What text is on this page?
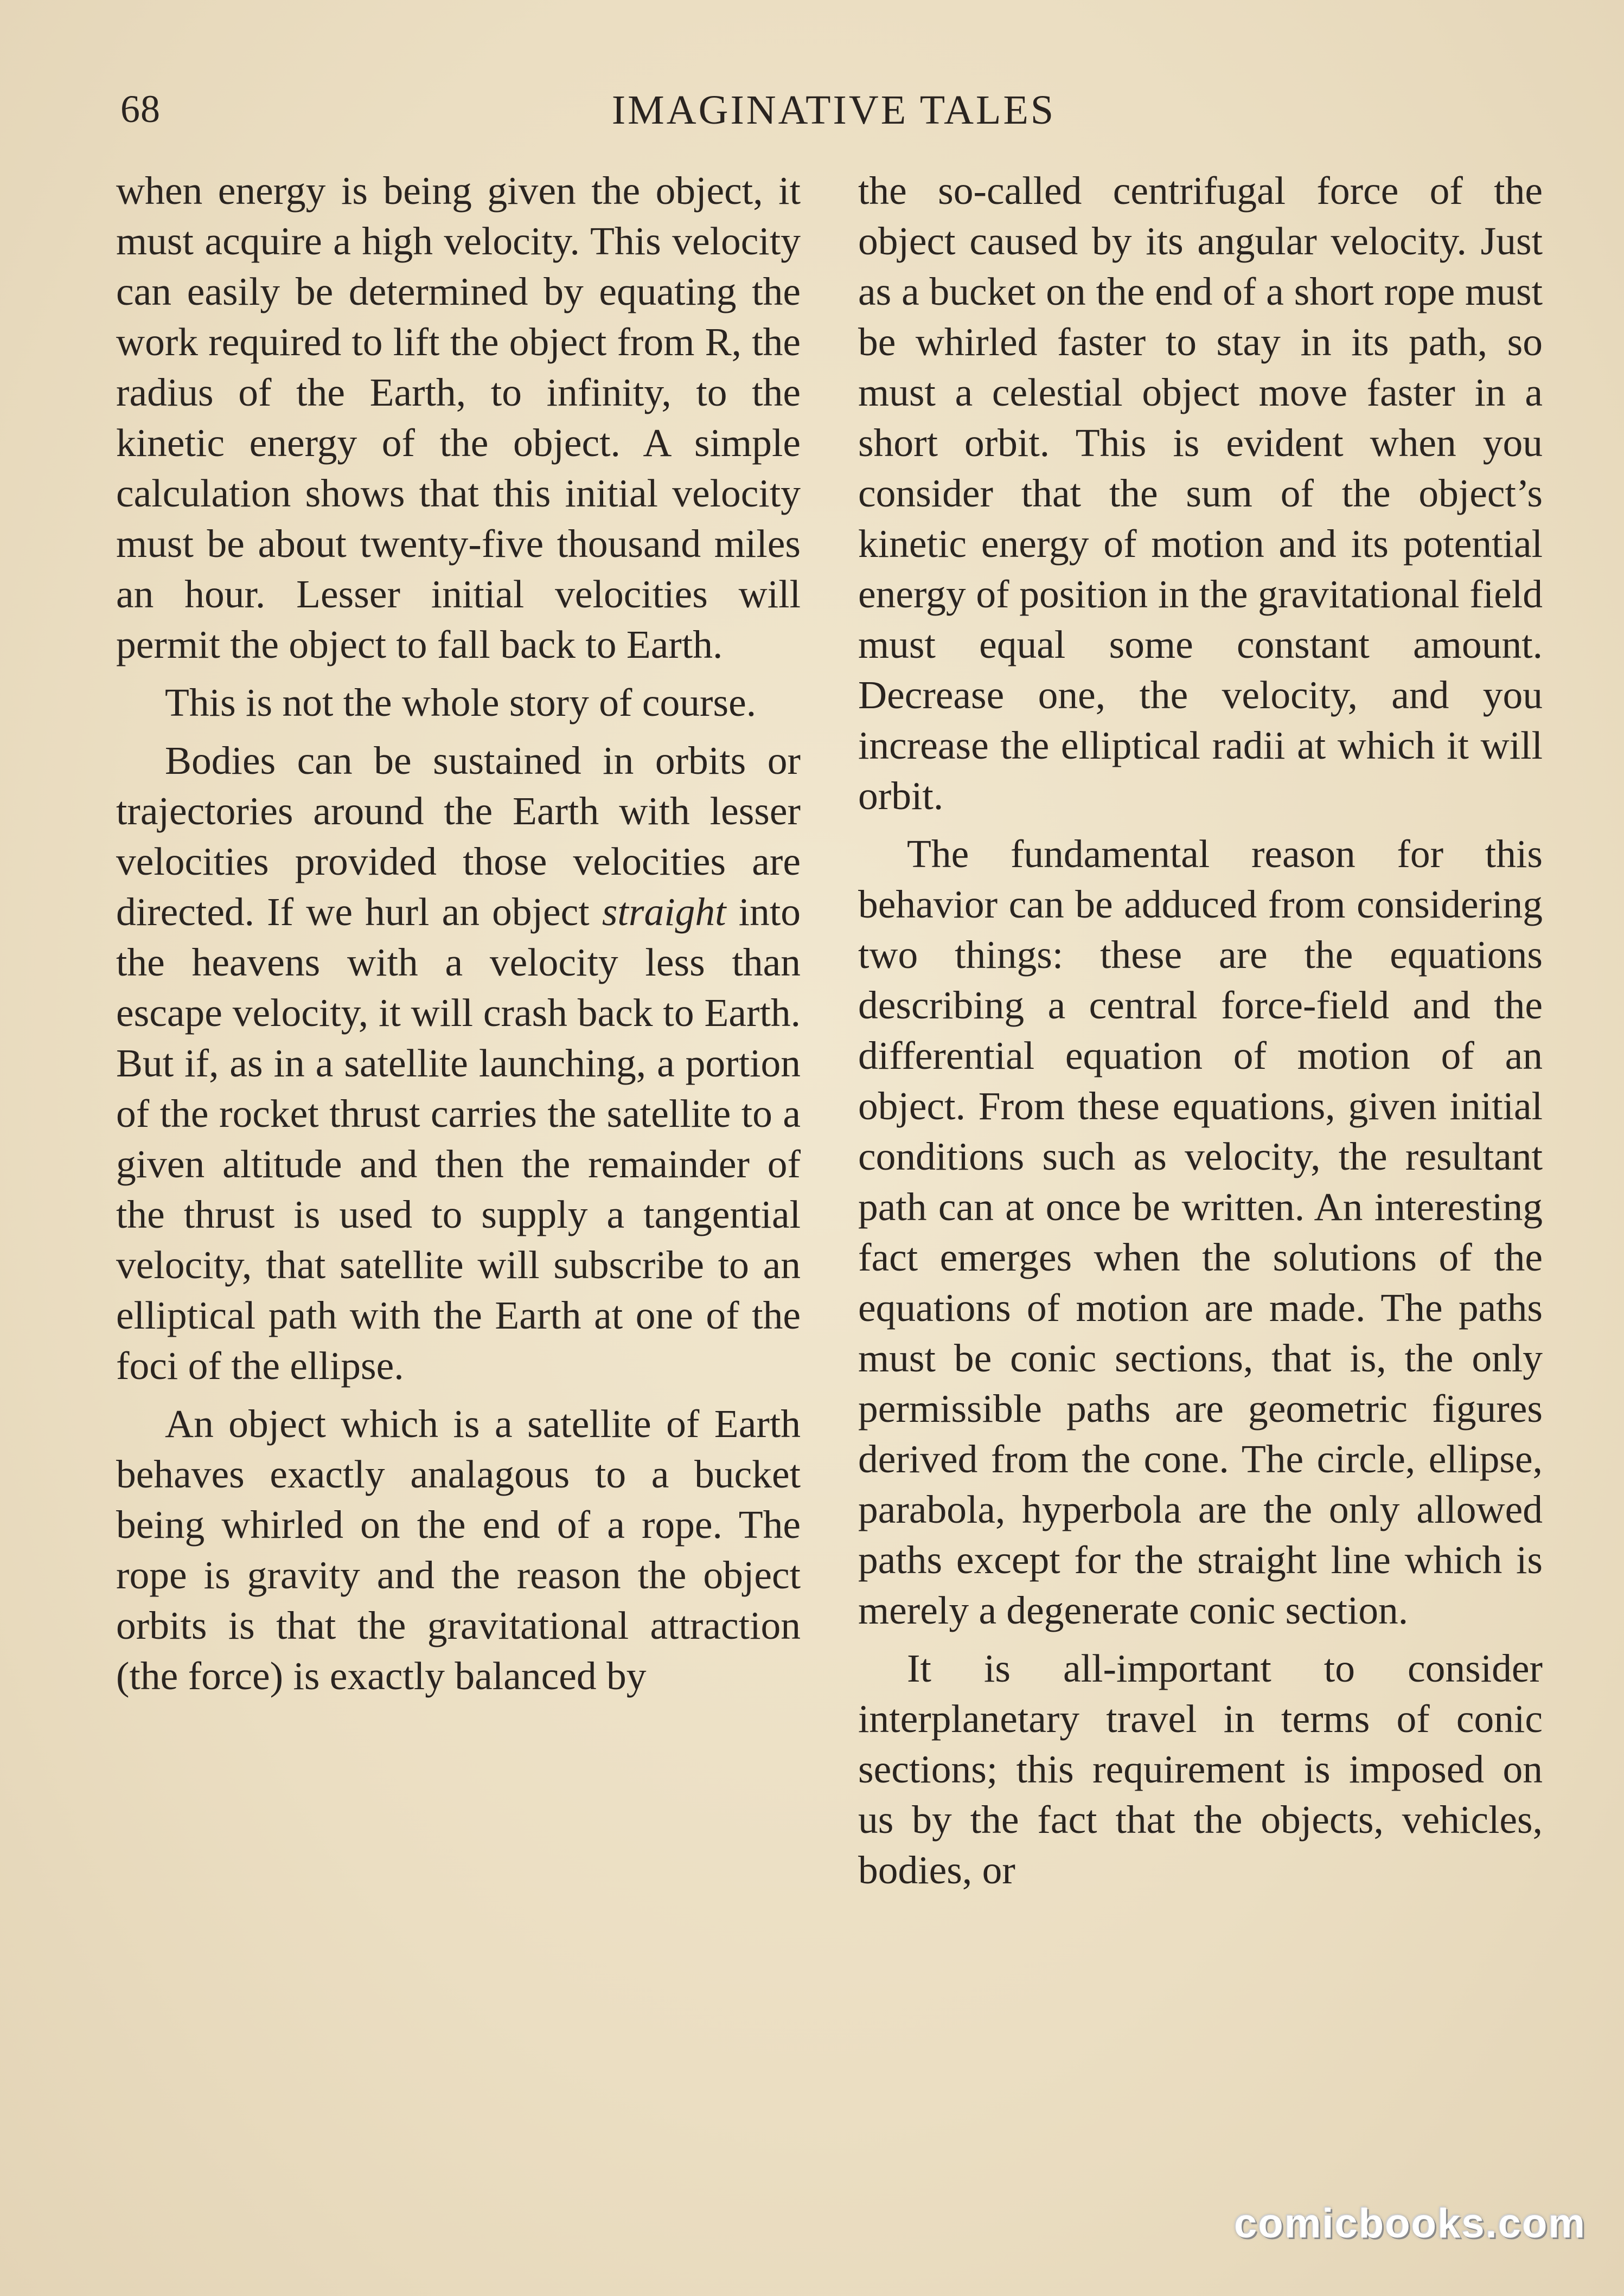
68	IMAGINATIVE TALES

when energy is being given the object, it must acquire a high velocity. This velocity can easily be determined by equating the work required to lift the object from R, the radius of the Earth, to infinity, to the kinetic energy of the object. A simple calculation shows that this initial velocity must be about twenty-five thousand miles an hour. Lesser initial velocities will permit the object to fall back to Earth.

This is not the whole story of course.

Bodies can be sustained in orbits or trajectories around the Earth with lesser velocities provided those velocities are directed. If we hurl an object straight into the heavens with a velocity less than escape velocity, it will crash back to Earth. But if, as in a satellite launching, a portion of the rocket thrust carries the satellite to a given altitude and then the remainder of the thrust is used to supply a tangential velocity, that satellite will subscribe to an elliptical path with the Earth at one of the foci of the ellipse.

An object which is a satellite of Earth behaves exactly analagous to a bucket being whirled on the end of a rope. The rope is gravity and the reason the object orbits is that the gravitational attraction (the force) is exactly balanced by

the so-called centrifugal force of the object caused by its angular velocity. Just as a bucket on the end of a short rope must be whirled faster to stay in its path, so must a celestial object move faster in a short orbit. This is evident when you consider that the sum of the object’s kinetic energy of motion and its potential energy of position in the gravitational field must equal some constant amount. Decrease one, the velocity, and you increase the elliptical radii at which it will orbit.

The fundamental reason for this behavior can be adduced from considering two things: these are the equations describing a central force-field and the differential equation of motion of an object. From these equations, given initial conditions such as velocity, the resultant path can at once be written. An interesting fact emerges when the solutions of the equations of motion are made. The paths must be conic sections, that is, the only permissible paths are geometric figures derived from the cone. The circle, ellipse, parabola, hyperbola are the only allowed paths except for the straight line which is merely a degenerate conic section.

It is all-important to consider interplanetary travel in terms of conic sections; this requirement is imposed on us by the fact that the objects, vehicles, bodies, or

comicbooks.com
